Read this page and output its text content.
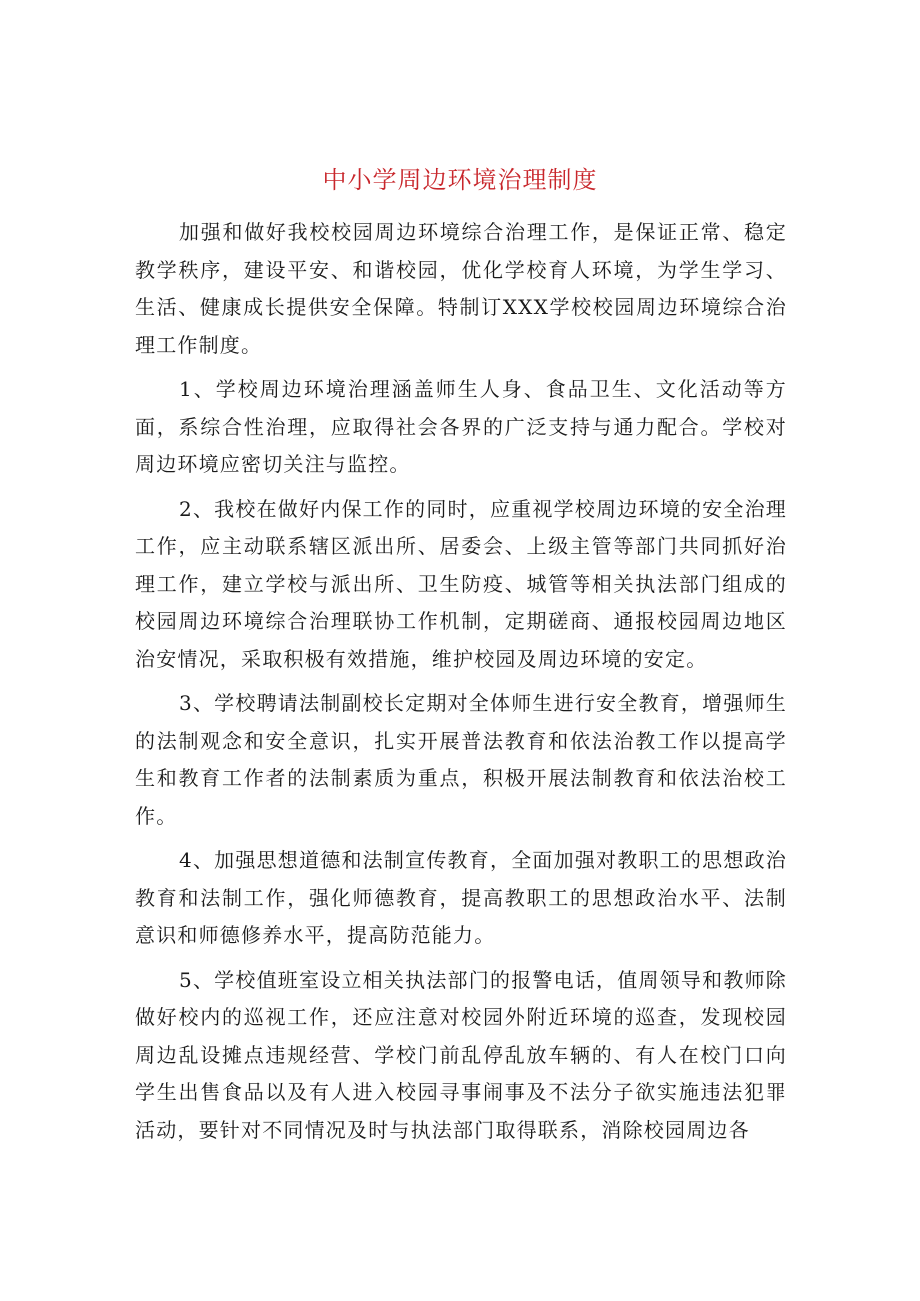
中小学周边环境治理制度

加强和做好我校校园周边环境综合治理工作，是保证正常、稳定教学秩序，建设平安、和谐校园，优化学校育人环境，为学生学习、生活、健康成长提供安全保障。特制订XXX学校校园周边环境综合治理工作制度。

1、学校周边环境治理涵盖师生人身、食品卫生、文化活动等方面，系综合性治理，应取得社会各界的广泛支持与通力配合。学校对周边环境应密切关注与监控。

2、我校在做好内保工作的同时，应重视学校周边环境的安全治理工作，应主动联系辖区派出所、居委会、上级主管等部门共同抓好治理工作，建立学校与派出所、卫生防疫、城管等相关执法部门组成的校园周边环境综合治理联协工作机制，定期磋商、通报校园周边地区治安情况，采取积极有效措施，维护校园及周边环境的安定。

3、学校聘请法制副校长定期对全体师生进行安全教育，增强师生的法制观念和安全意识，扎实开展普法教育和依法治教工作以提高学生和教育工作者的法制素质为重点，积极开展法制教育和依法治校工作。

4、加强思想道德和法制宣传教育，全面加强对教职工的思想政治教育和法制工作，强化师德教育，提高教职工的思想政治水平、法制意识和师德修养水平，提高防范能力。

5、学校值班室设立相关执法部门的报警电话，值周领导和教师除做好校内的巡视工作，还应注意对校园外附近环境的巡查，发现校园周边乱设摊点违规经营、学校门前乱停乱放车辆的、有人在校门口向学生出售食品以及有人进入校园寻事闹事及不法分子欲实施违法犯罪活动，要针对不同情况及时与执法部门取得联系，消除校园周边各
